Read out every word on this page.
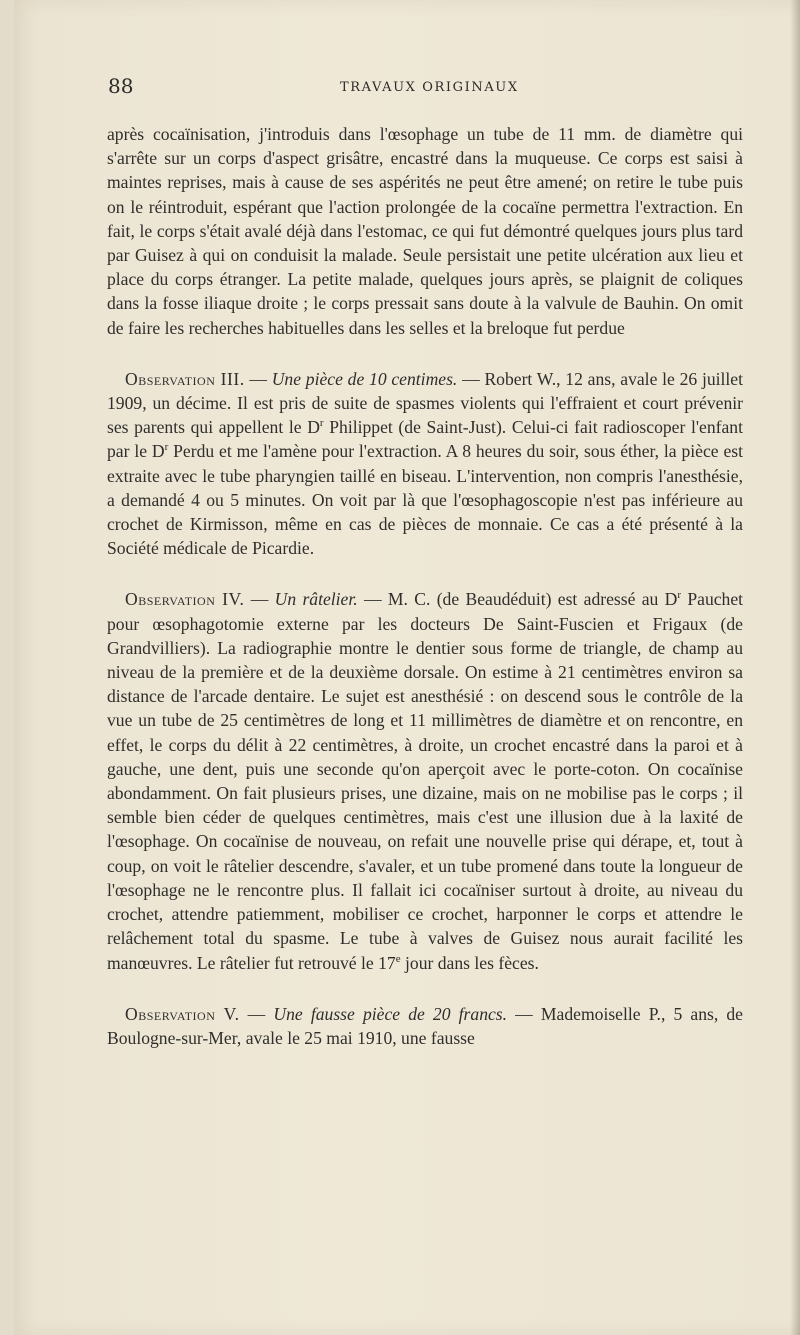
88	TRAVAUX ORIGINAUX

après cocaïnisation, j'introduis dans l'œsophage un tube de 11 mm. de diamètre qui s'arrête sur un corps d'aspect grisâtre, encastré dans la muqueuse. Ce corps est saisi à maintes reprises, mais à cause de ses aspérités ne peut être amené; on retire le tube puis on le réintroduit, espérant que l'action prolongée de la cocaïne permettra l'extraction. En fait, le corps s'était avalé déjà dans l'estomac, ce qui fut démontré quelques jours plus tard par Guisez à qui on conduisit la malade. Seule persistait une petite ulcération aux lieu et place du corps étranger. La petite malade, quelques jours après, se plaignit de coliques dans la fosse iliaque droite ; le corps pressait sans doute à la valvule de Bauhin. On omit de faire les recherches habituelles dans les selles et la breloque fut perdue

Observation III. — Une pièce de 10 centimes. — Robert W., 12 ans, avale le 26 juillet 1909, un décime. Il est pris de suite de spasmes violents qui l'effraient et court prévenir ses parents qui appellent le $D^r$ Philippet (de Saint-Just). Celui-ci fait radioscoper l'enfant par le $D^r$ Perdu et me l'amène pour l'extraction. A 8 heures du soir, sous éther, la pièce est extraite avec le tube pharyngien taillé en biseau. L'intervention, non compris l'anesthésie, a demandé 4 ou 5 minutes. On voit par là que l'œsophagoscopie n'est pas inférieure au crochet de Kirmisson, même en cas de pièces de monnaie. Ce cas a été présenté à la Société médicale de Picardie.

Observation IV. — Un râtelier. — M. C. (de Beaudéduit) est adressé au $D^r$ Pauchet pour œsophagotomie externe par les docteurs De Saint-Fuscien et Frigaux (de Grandvilliers). La radiographie montre le dentier sous forme de triangle, de champ au niveau de la première et de la deuxième dorsale. On estime à 21 centimètres environ sa distance de l'arcade dentaire. Le sujet est anesthésié : on descend sous le contrôle de la vue un tube de 25 centimètres de long et 11 millimètres de diamètre et on rencontre, en effet, le corps du délit à 22 centimètres, à droite, un crochet encastré dans la paroi et à gauche, une dent, puis une seconde qu'on aperçoit avec le porte-coton. On cocaïnise abondamment. On fait plusieurs prises, une dizaine, mais on ne mobilise pas le corps ; il semble bien céder de quelques centimètres, mais c'est une illusion due à la laxité de l'œsophage. On cocaïnise de nouveau, on refait une nouvelle prise qui dérape, et, tout à coup, on voit le râtelier descendre, s'avaler, et un tube promené dans toute la longueur de l'œsophage ne le rencontre plus. Il fallait ici cocaïniser surtout à droite, au niveau du crochet, attendre patiemment, mobiliser ce crochet, harponner le corps et attendre le relâchement total du spasme. Le tube à valves de Guisez nous aurait facilité les manœuvres. Le râtelier fut retrouvé le 17e jour dans les fèces.

Observation V. — Une fausse pièce de 20 francs. — Mademoiselle P., 5 ans, de Boulogne-sur-Mer, avale le 25 mai 1910, une fausse
